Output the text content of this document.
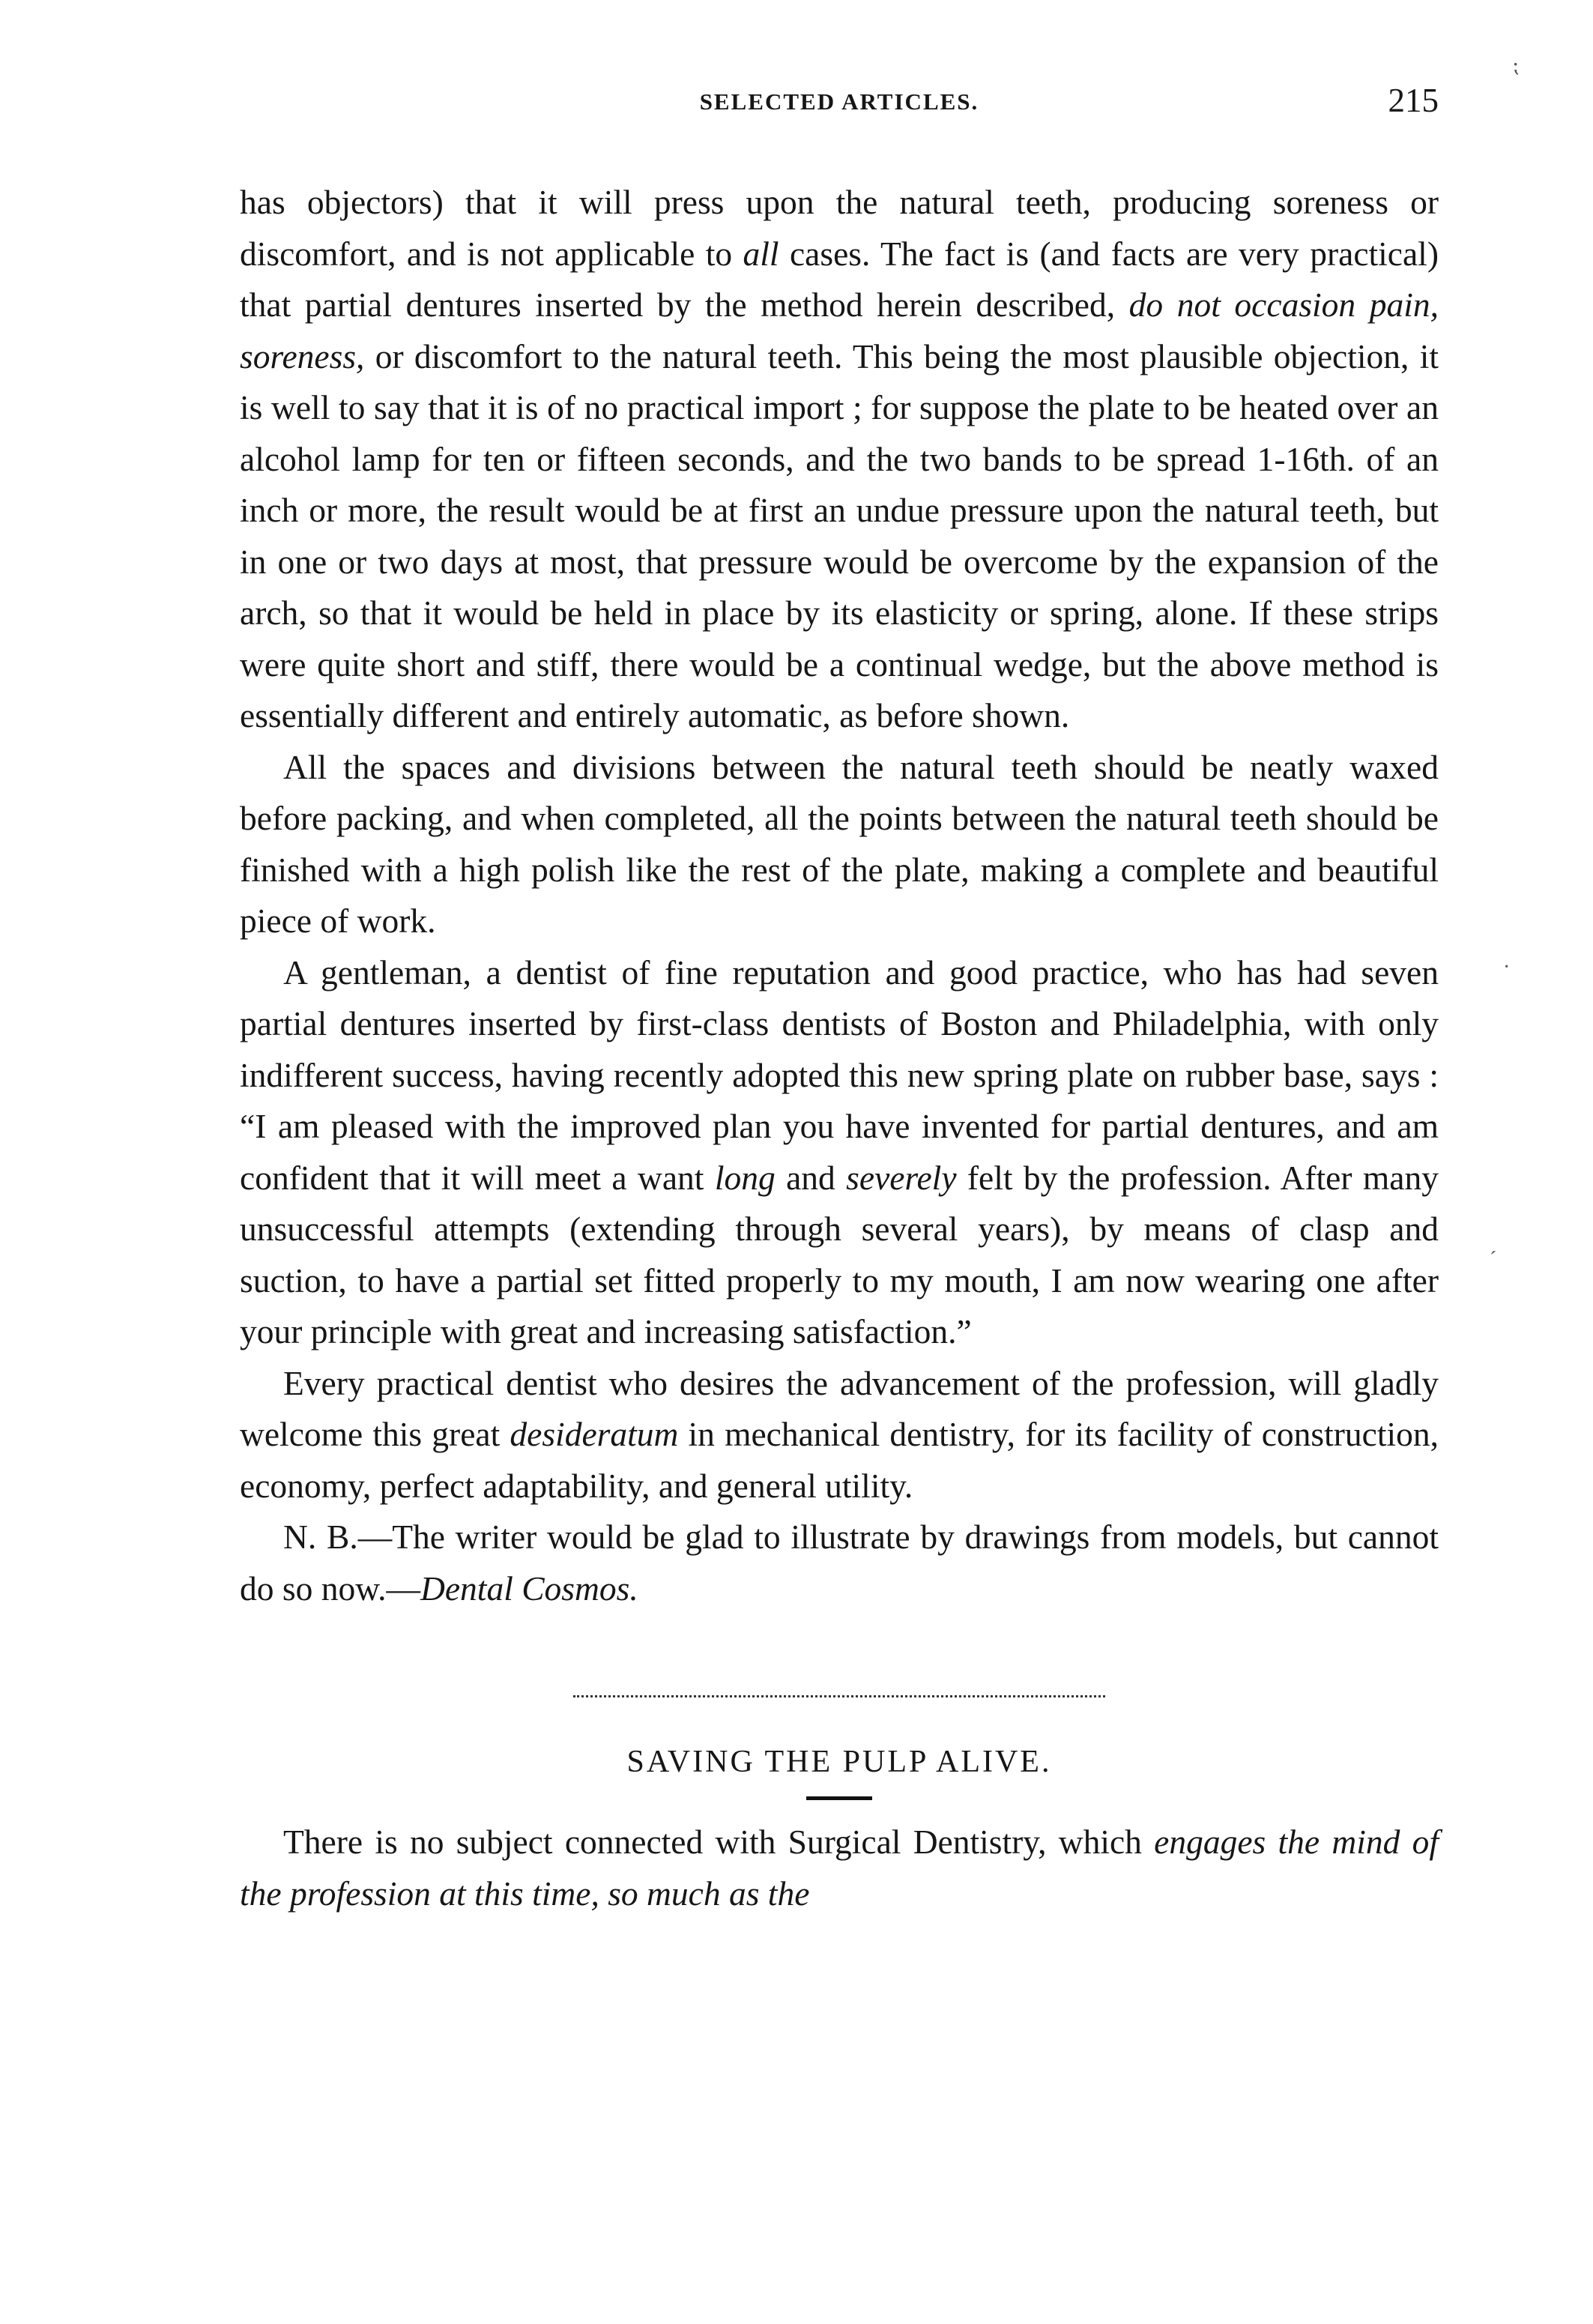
SELECTED ARTICLES.	215

has objectors) that it will press upon the natural teeth, producing soreness or discomfort, and is not applicable to all cases. The fact is (and facts are very practical) that partial dentures inserted by the method herein described, do not occasion pain, soreness, or discomfort to the natural teeth. This being the most plausible objection, it is well to say that it is of no practical import ; for suppose the plate to be heated over an alcohol lamp for ten or fifteen seconds, and the two bands to be spread 1-16th. of an inch or more, the result would be at first an undue pressure upon the natural teeth, but in one or two days at most, that pressure would be overcome by the expansion of the arch, so that it would be held in place by its elasticity or spring, alone. If these strips were quite short and stiff, there would be a continual wedge, but the above method is essentially different and entirely automatic, as before shown.

All the spaces and divisions between the natural teeth should be neatly waxed before packing, and when completed, all the points between the natural teeth should be finished with a high polish like the rest of the plate, making a complete and beautiful piece of work.

A gentleman, a dentist of fine reputation and good practice, who has had seven partial dentures inserted by first-class dentists of Boston and Philadelphia, with only indifferent success, having recently adopted this new spring plate on rubber base, says : “I am pleased with the improved plan you have invented for partial dentures, and am confident that it will meet a want long and severely felt by the profession. After many unsuccessful attempts (extending through several years), by means of clasp and suction, to have a partial set fitted properly to my mouth, I am now wearing one after your principle with great and increasing satisfaction.”

Every practical dentist who desires the advancement of the profession, will gladly welcome this great desideratum in mechanical dentistry, for its facility of construction, economy, perfect adaptability, and general utility.

N. B.—The writer would be glad to illustrate by drawings from models, but cannot do so now.—Dental Cosmos.

SAVING THE PULP ALIVE.

There is no subject connected with Surgical Dentistry, which engages the mind of the profession at this time, so much as the

⁏
·
ˊ
